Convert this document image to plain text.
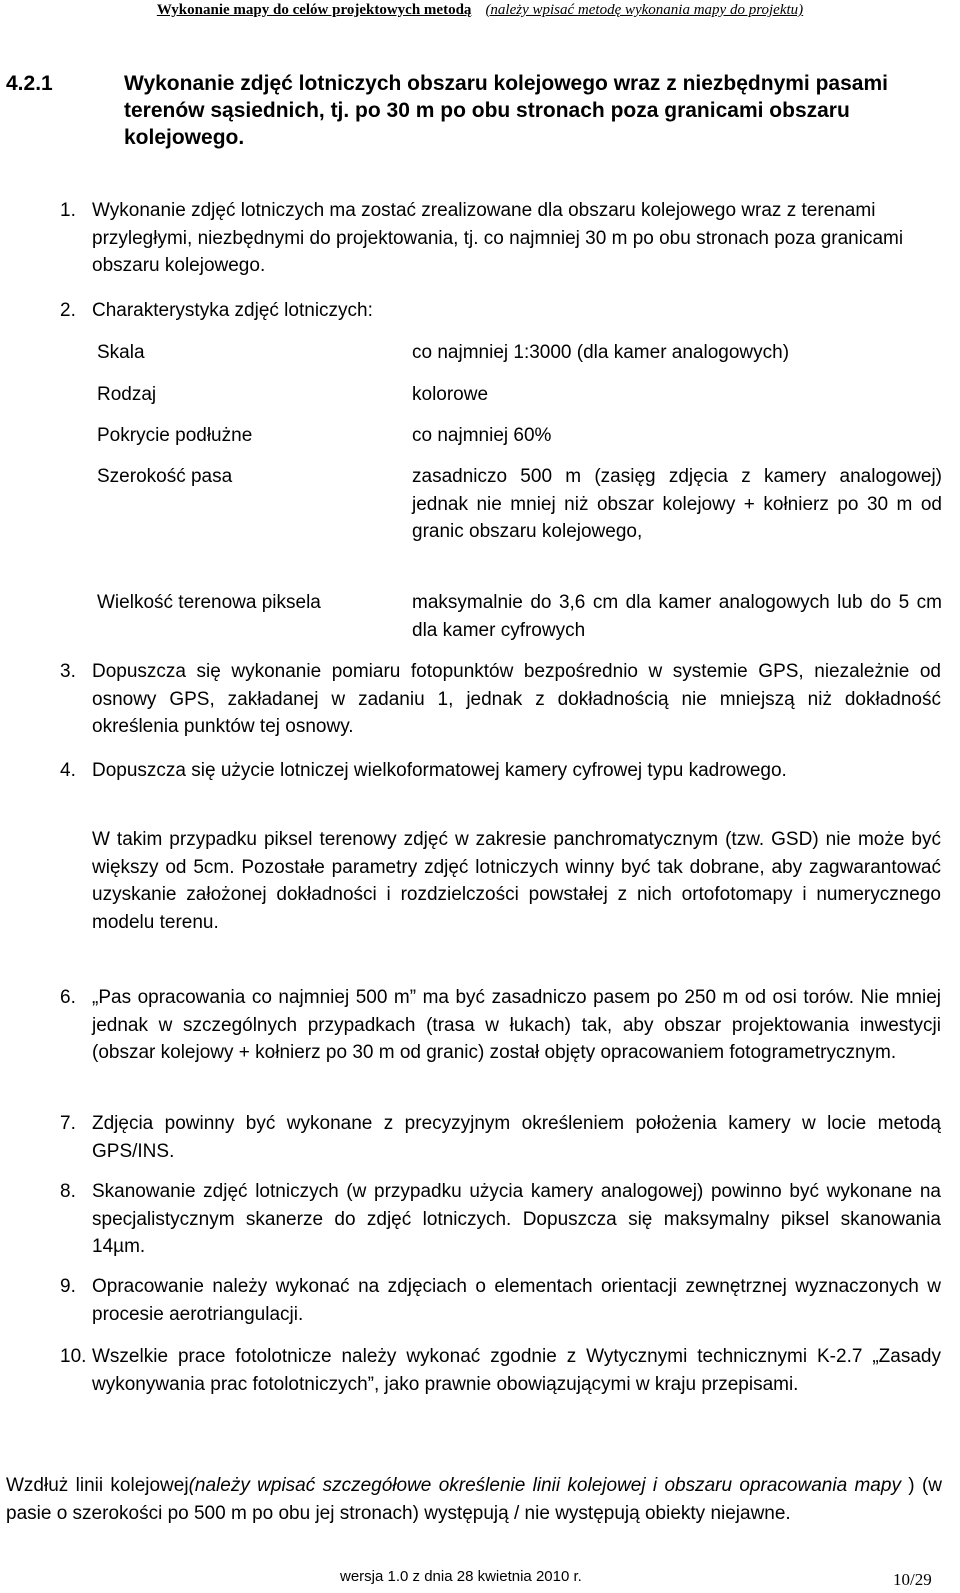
Wykonanie mapy do celów projektowych metodą (należy wpisać metodę wykonania mapy do projektu)
4.2.1	Wykonanie zdjęć lotniczych obszaru kolejowego wraz z niezbędnymi pasami terenów sąsiednich, tj. po 30 m po obu stronach poza granicami obszaru kolejowego.
1. Wykonanie zdjęć lotniczych ma zostać zrealizowane dla obszaru kolejowego wraz z terenami przyległymi, niezbędnymi do projektowania, tj. co najmniej 30 m po obu stronach poza granicami obszaru kolejowego.
2. Charakterystyka zdjęć lotniczych:
Skala	co najmniej 1:3000 (dla kamer analogowych)
Rodzaj	kolorowe
Pokrycie podłużne	co najmniej 60%
Szerokość pasa	zasadniczo 500 m (zasięg zdjęcia z kamery analogowej) jednak nie mniej niż obszar kolejowy + kołnierz po 30 m od granic obszaru kolejowego,
Wielkość terenowa piksela	maksymalnie do 3,6 cm dla kamer analogowych lub do 5 cm dla kamer cyfrowych
3. Dopuszcza się wykonanie pomiaru fotopunktów bezpośrednio w systemie GPS, niezależnie od osnowy GPS, zakładanej w zadaniu 1, jednak z dokładnością nie mniejszą niż dokładność określenia punktów tej osnowy.
4. Dopuszcza się użycie lotniczej wielkoformatowej kamery cyfrowej typu kadrowego.
W takim przypadku piksel terenowy zdjęć w zakresie panchromatycznym (tzw. GSD) nie może być większy od 5cm. Pozostałe parametry zdjęć lotniczych winny być tak dobrane, aby zagwarantować uzyskanie założonej dokładności i rozdzielczości powstałej z nich ortofotomapy i numerycznego modelu terenu.
6. „Pas opracowania co najmniej 500 m” ma być zasadniczo pasem po 250 m od osi torów. Nie mniej jednak w szczególnych przypadkach (trasa w łukach) tak, aby obszar projektowania inwestycji (obszar kolejowy + kołnierz po 30 m od granic) został objęty opracowaniem fotogrametrycznym.
7. Zdjęcia powinny być wykonane z precyzyjnym określeniem położenia kamery w locie metodą GPS/INS.
8. Skanowanie zdjęć lotniczych (w przypadku użycia kamery analogowej) powinno być wykonane na specjalistycznym skanerze do zdjęć lotniczych. Dopuszcza się maksymalny piksel skanowania 14µm.
9. Opracowanie należy wykonać na zdjęciach o elementach orientacji zewnętrznej wyznaczonych w procesie aerotriangulacji.
10. Wszelkie prace fotolotnicze należy wykonać zgodnie z Wytycznymi technicznymi K-2.7 „Zasady wykonywania prac fotolotniczych”, jako prawnie obowiązującymi w kraju przepisami.
Wzdłuż linii kolejowej(należy wpisać szczegółowe określenie linii kolejowej i obszaru opracowania mapy ) (w pasie o szerokości po 500 m po obu jej stronach) występują / nie występują obiekty niejawne.
wersja 1.0 z dnia 28 kwietnia 2010 r.	10/29
